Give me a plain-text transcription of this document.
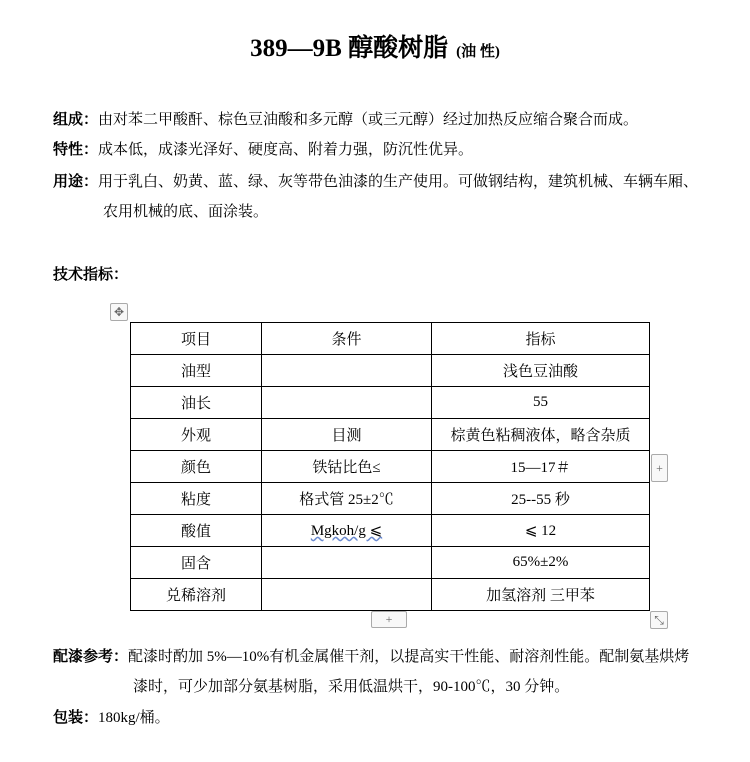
389—9B 醇酸树脂 (油 性)
组成：由对苯二甲酸酐、棕色豆油酸和多元醇（或三元醇）经过加热反应缩合聚合而成。
特性：成本低，成漆光泽好、硬度高、附着力强，防沉性优异。
用途：用于乳白、奶黄、蓝、绿、灰等带色油漆的生产使用。可做钢结构，建筑机械、车辆车厢、
农用机械的底、面涂装。
技术指标：
✥
项目	条件	指标
油型		浅色豆油酸
油长		55
外观	目测	棕黄色粘稠液体，略含杂质
颜色	铁钴比色≤	15—17＃
粘度	格式管 25±2℃	25--55 秒
酸值	Mgkoh/g ⩽	⩽ 12
固含		65%±2%
兑稀溶剂		加氢溶剂 三甲苯
+
+	⤡
配漆参考：配漆时酌加 5%—10%有机金属催干剂，以提高实干性能、耐溶剂性能。配制氨基烘烤
漆时，可少加部分氨基树脂，采用低温烘干，90-100℃，30 分钟。
包装：180kg/桶。
